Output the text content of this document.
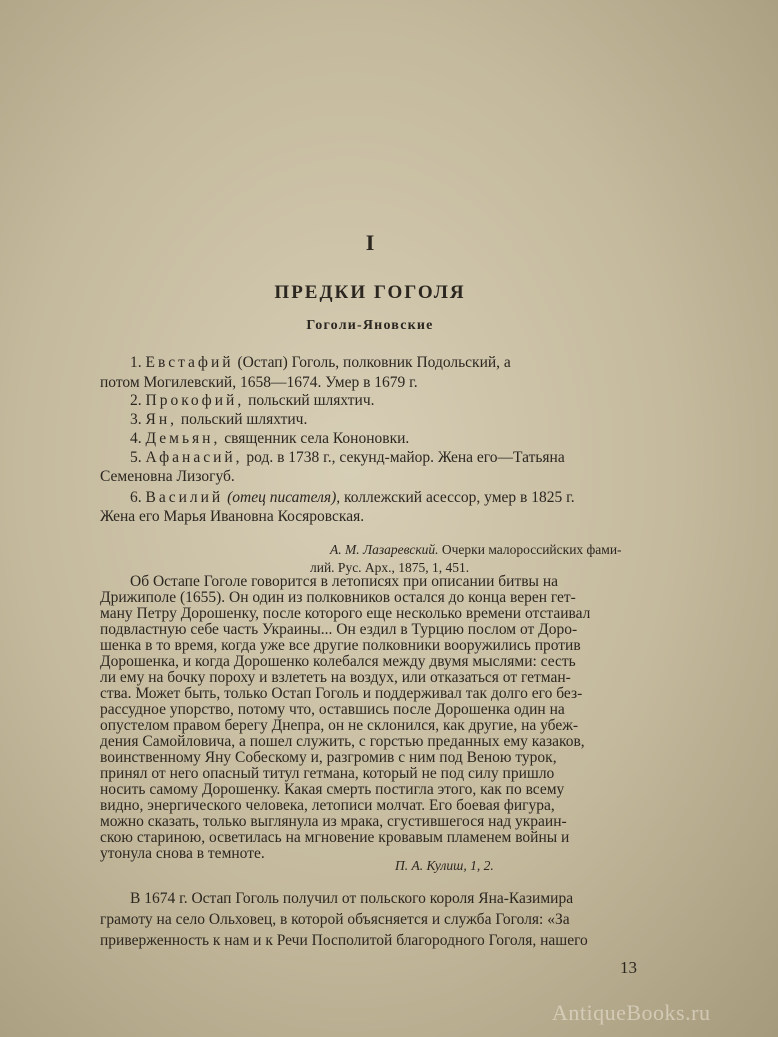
I
ПРЕДКИ ГОГОЛЯ
Гоголи-Яновские
1. Евстафий (Остап) Гоголь, полковник Подольский, а
потом Могилевский, 1658—1674. Умер в 1679 г.
2. Прокофий, польский шляхтич.
3. Ян, польский шляхтич.
4. Демьян, священник села Кононовки.
5. Афанасий, род. в 1738 г., секунд-майор. Жена его—Татьяна
Семеновна Лизогуб.
6. Василий (отец писателя), коллежский асессор, умер в 1825 г.
Жена его Марья Ивановна Косяровская.
А. М. Лазаревский. Очерки малороссийских фами-
лий. Рус. Арх., 1875, 1, 451.
Об Остапе Гоголе говорится в летописях при описании битвы на
Дрижиполе (1655). Он один из полковников остался до конца верен гет-
ману Петру Дорошенку, после которого еще несколько времени отстаивал
подвластную себе часть Украины... Он ездил в Турцию послом от Доро-
шенка в то время, когда уже все другие полковники вооружились против
Дорошенка, и когда Дорошенко колебался между двумя мыслями: сесть
ли ему на бочку пороху и взлететь на воздух, или отказаться от гетман-
ства. Может быть, только Остап Гоголь и поддерживал так долго его без-
рассудное упорство, потому что, оставшись после Дорошенка один на
опустелом правом берегу Днепра, он не склонился, как другие, на убеж-
дения Самойловича, а пошел служить, с горстью преданных ему казаков,
воинственному Яну Собескому и, разгромив с ним под Веною турок,
принял от него опасный титул гетмана, который не под силу пришло
носить самому Дорошенку. Какая смерть постигла этого, как по всему
видно, энергического человека, летописи молчат. Его боевая фигура,
можно сказать, только выглянула из мрака, сгустившегося над украин-
скою стариною, осветилась на мгновение кровавым пламенем войны и
утонула снова в темноте.
13
AntiqueBooks.ru
П. А. Кулиш, 1, 2.
В 1674 г. Остап Гоголь получил от польского короля Яна-Казимира
грамоту на село Ольховец, в которой объясняется и служба Гоголя: «За
приверженность к нам и к Речи Посполитой благородного Гоголя, нашего
